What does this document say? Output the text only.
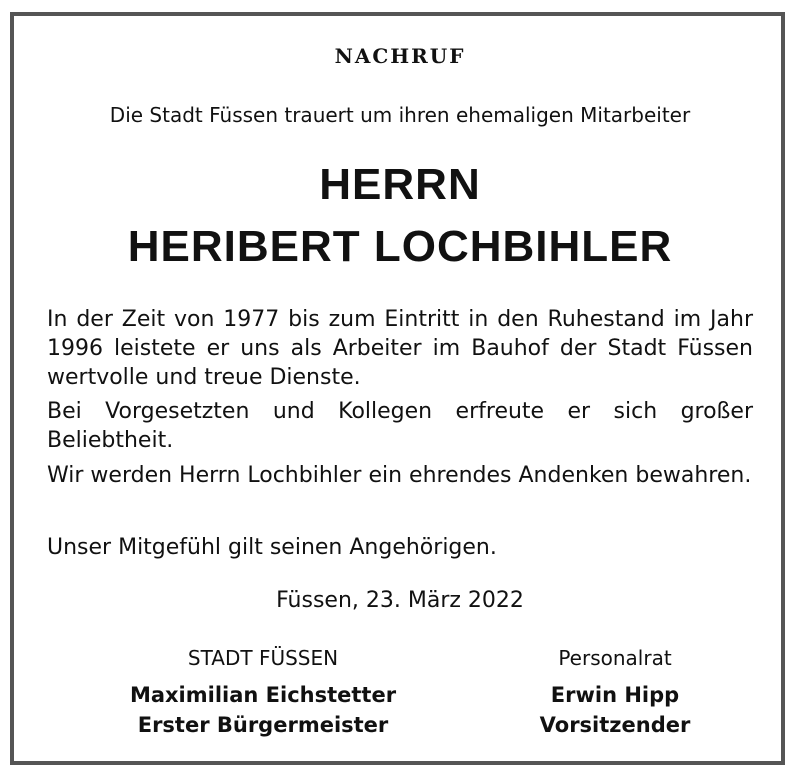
NACHRUF
Die Stadt Füssen trauert um ihren ehemaligen Mitarbeiter
HERRN
HERIBERT LOCHBIHLER
In der Zeit von 1977 bis zum Eintritt in den Ruhestand im Jahr 1996 leistete er uns als Arbeiter im Bauhof der Stadt Füssen wertvolle und treue Dienste.
Bei Vorgesetzten und Kollegen erfreute er sich großer Beliebtheit.
Wir werden Herrn Lochbihler ein ehrendes Andenken bewahren.
Unser Mitgefühl gilt seinen Angehörigen.
Füssen, 23. März 2022
STADT FÜSSEN
Maximilian Eichstetter
Erster Bürgermeister
Personalrat
Erwin Hipp
Vorsitzender
